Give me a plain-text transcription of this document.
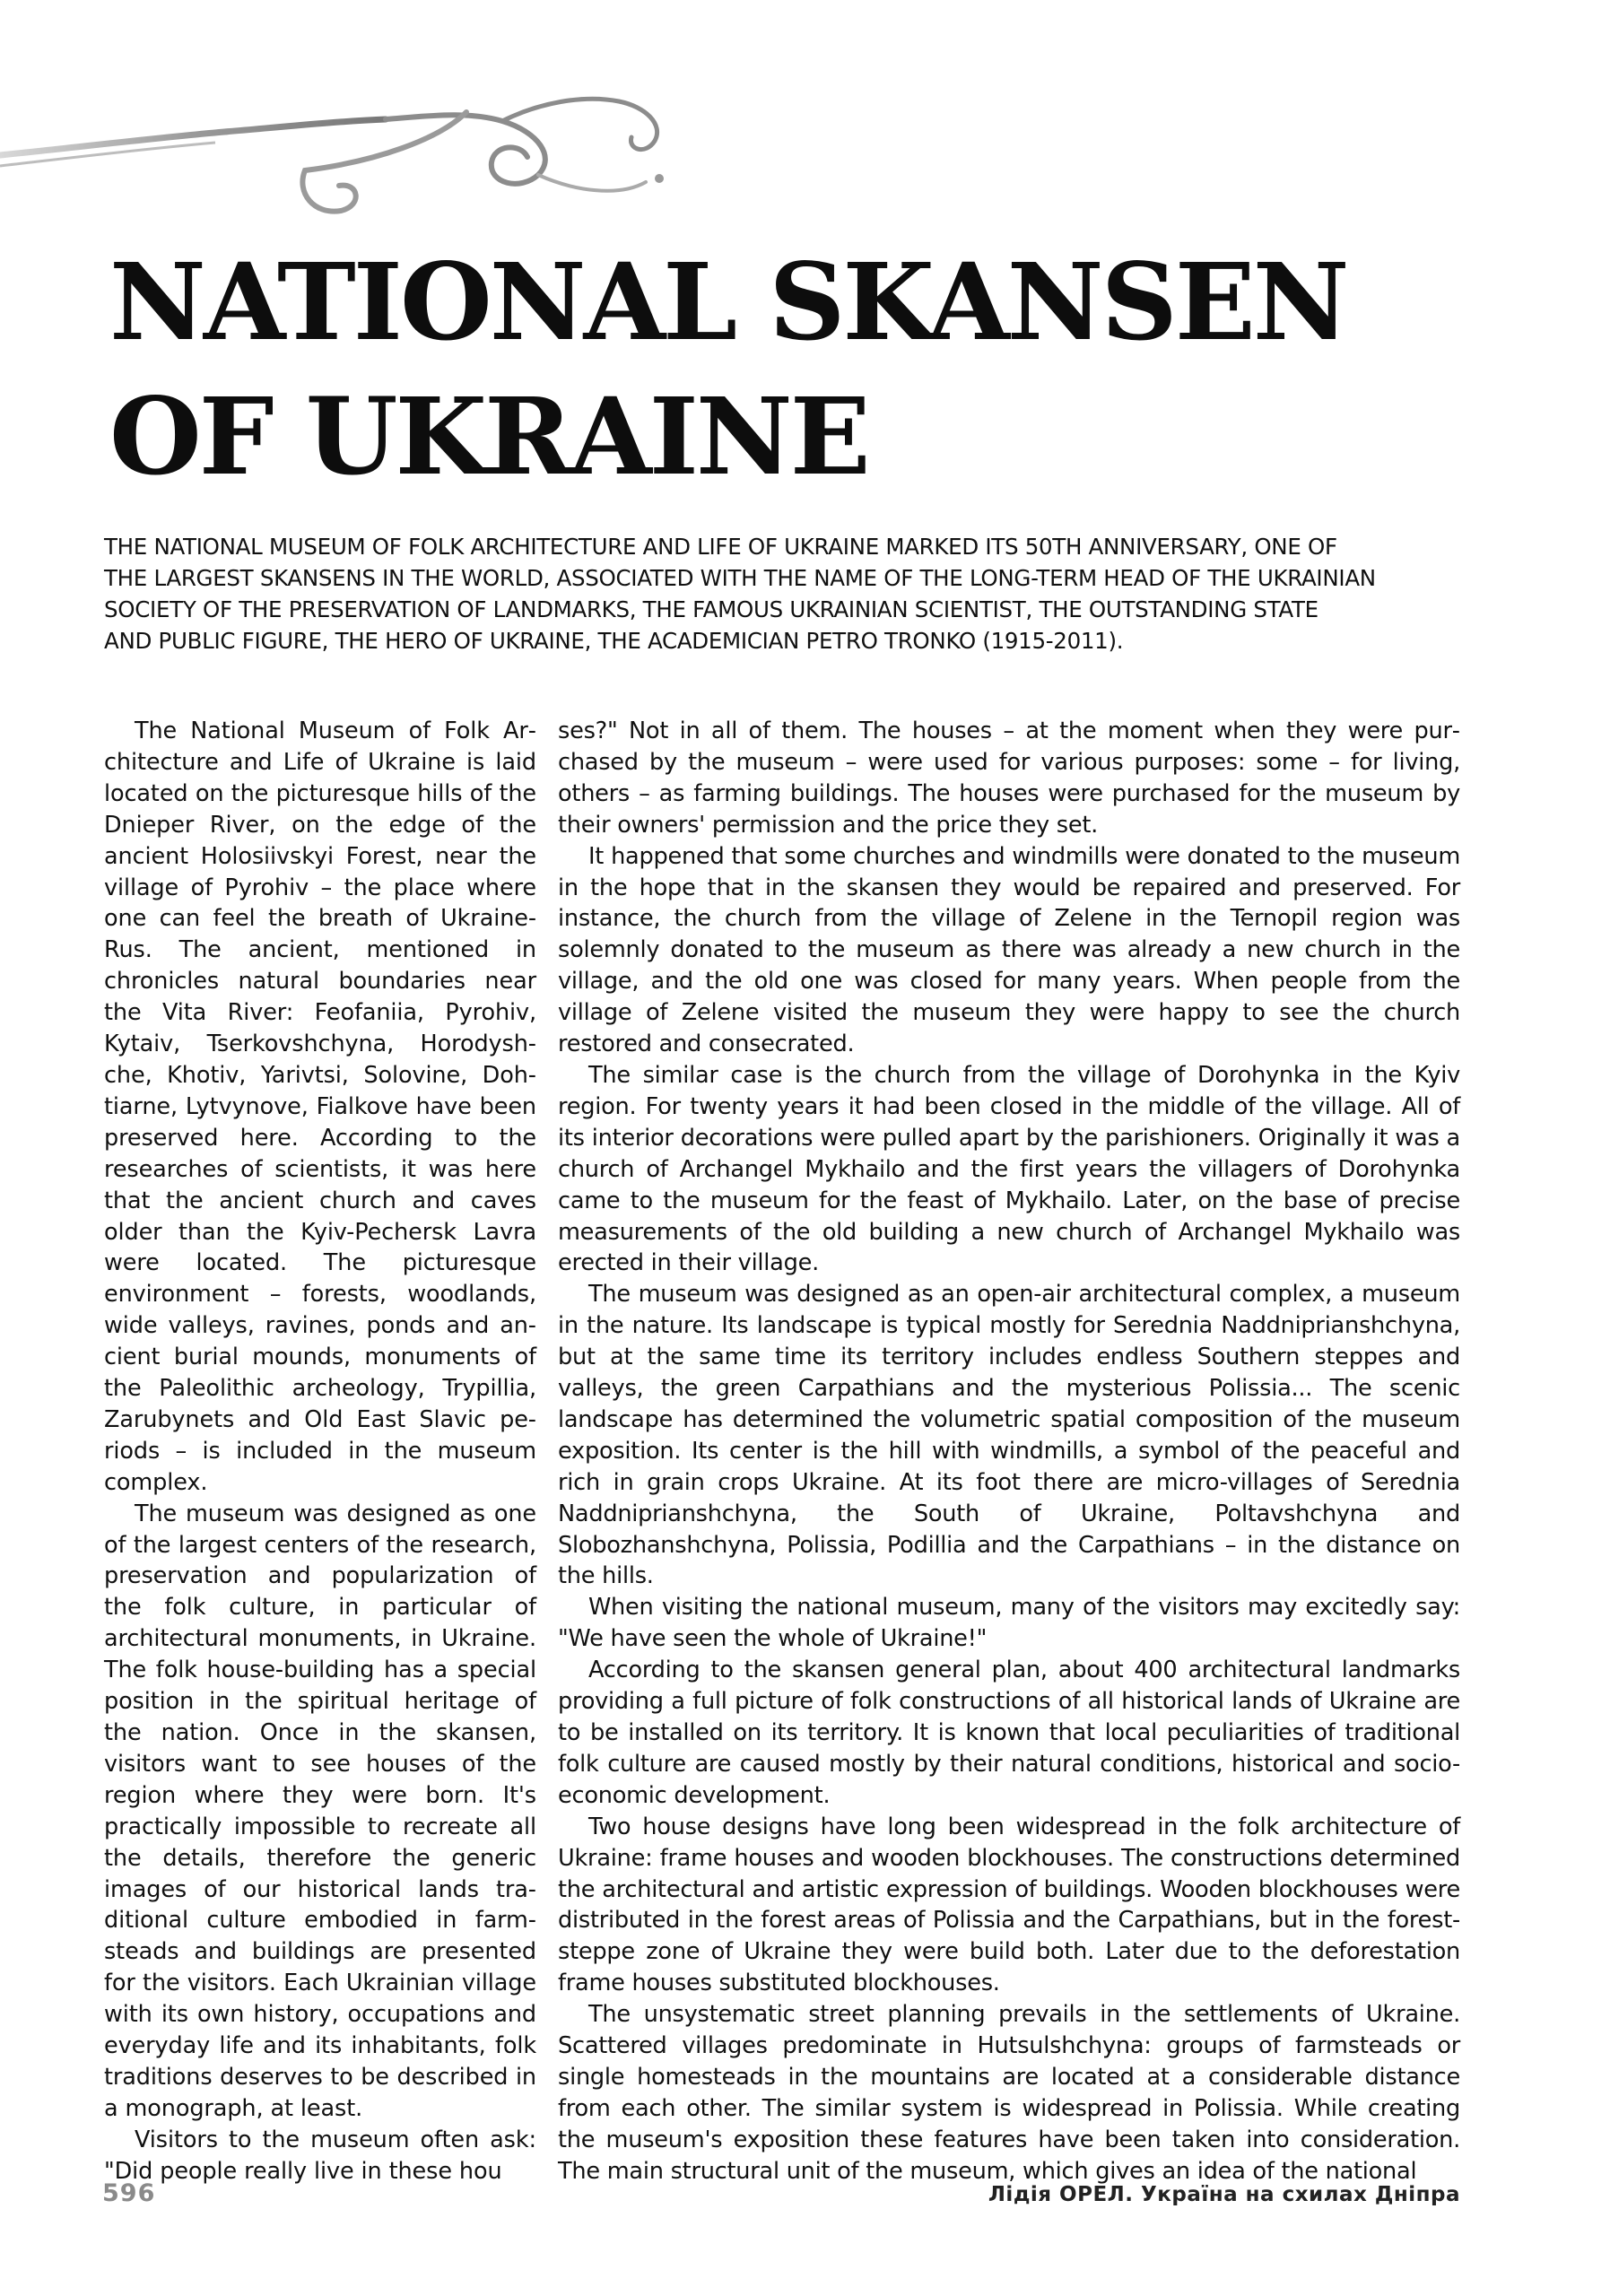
NATIONAL SKANSEN
OF UKRAINE
THE NATIONAL MUSEUM OF FOLK ARCHITECTURE AND LIFE OF UKRAINE MARKED ITS 50TH ANNIVERSARY, ONE OF
THE LARGEST SKANSENS IN THE WORLD, ASSOCIATED WITH THE NAME OF THE LONG-TERM HEAD OF THE UKRAINIAN
SOCIETY OF THE PRESERVATION OF LANDMARKS, THE FAMOUS UKRAINIAN SCIENTIST, THE OUTSTANDING STATE
AND PUBLIC FIGURE, THE HERO OF UKRAINE, THE ACADEMICIAN PETRO TRONKO (1915-2011).

The National Museum of Folk Architecture and Life of Ukraine is laid located on the picturesque hills of the Dnieper River, on the edge of the ancient Holosiivskyi Forest, near the village of Pyrohiv – the place where one can feel the breath of Ukraine-Rus. The ancient, mentioned in chronicles natural boundaries near the Vita River: Feofaniia, Pyrohiv, Kytaiv, Tserkovshchyna, Horodyshche, Khotiv, Yarivtsi, Solovine, Dohtiarne, Lytvynove, Fialkove have been preserved here. According to the researches of scientists, it was here that the ancient church and caves older than the Kyiv-Pechersk Lavra were located. The picturesque environment – forests, woodlands, wide valleys, ravines, ponds and ancient burial mounds, monuments of the Paleolithic archeology, Trypillia, Zarubynets and Old East Slavic periods – is included in the museum complex.

The museum was designed as one of the largest centers of the research, preservation and popularization of the folk culture, in particular of architectural monuments, in Ukraine. The folk house-building has a special position in the spiritual heritage of the nation. Once in the skansen, visitors want to see houses of the region where they were born. It's practically impossible to recreate all the details, therefore the generic images of our historical lands traditional culture embodied in farmsteads and buildings are presented for the visitors. Each Ukrainian village with its own history, occupations and everyday life and its inhabitants, folk traditions deserves to be described in a monograph, at least.

Visitors to the museum often ask: "Did people really live in these hou

ses?" Not in all of them. The houses – at the moment when they were purchased by the museum – were used for various purposes: some – for living, others – as farming buildings. The houses were purchased for the museum by their owners' permission and the price they set.

It happened that some churches and windmills were donated to the museum in the hope that in the skansen they would be repaired and preserved. For instance, the church from the village of Zelene in the Ternopil region was solemnly donated to the museum as there was already a new church in the village, and the old one was closed for many years. When people from the village of Zelene visited the museum they were happy to see the church restored and consecrated.

The similar case is the church from the village of Dorohynka in the Kyiv region. For twenty years it had been closed in the middle of the village. All of its interior decorations were pulled apart by the parishioners. Originally it was a church of Archangel Mykhailo and the first years the villagers of Dorohynka came to the museum for the feast of Mykhailo. Later, on the base of precise measurements of the old building a new church of Archangel Mykhailo was erected in their village.

The museum was designed as an open-air architectural complex, a museum in the nature. Its landscape is typical mostly for Serednia Naddniprianshchyna, but at the same time its territory includes endless Southern steppes and valleys, the green Carpathians and the mysterious Polissia... The scenic landscape has determined the volumetric spatial composition of the museum exposition. Its center is the hill with windmills, a symbol of the peaceful and rich in grain crops Ukraine. At its foot there are micro-villages of Serednia Naddniprianshchyna, the South of Ukraine, Poltavshchyna and Slobozhanshchyna, Polissia, Podillia and the Carpathians – in the distance on the hills.

When visiting the national museum, many of the visitors may excitedly say: "We have seen the whole of Ukraine!"

According to the skansen general plan, about 400 architectural landmarks providing a full picture of folk constructions of all historical lands of Ukraine are to be installed on its territory. It is known that local peculiarities of traditional folk culture are caused mostly by their natural conditions, historical and socio-economic development.

Two house designs have long been widespread in the folk architecture of Ukraine: frame houses and wooden blockhouses. The constructions determined the architectural and artistic expression of buildings. Wooden blockhouses were distributed in the forest areas of Polissia and the Carpathians, but in the forest-steppe zone of Ukraine they were build both. Later due to the deforestation frame houses substituted blockhouses.

The unsystematic street planning prevails in the settlements of Ukraine. Scattered villages predominate in Hutsulshchyna: groups of farmsteads or single homesteads in the mountains are located at a considerable distance from each other. The similar system is widespread in Polissia. While creating the museum's exposition these features have been taken into consideration. The main structural unit of the museum, which gives an idea of the national

596	Лідія ОРЕЛ. Україна на схилах Дніпра
